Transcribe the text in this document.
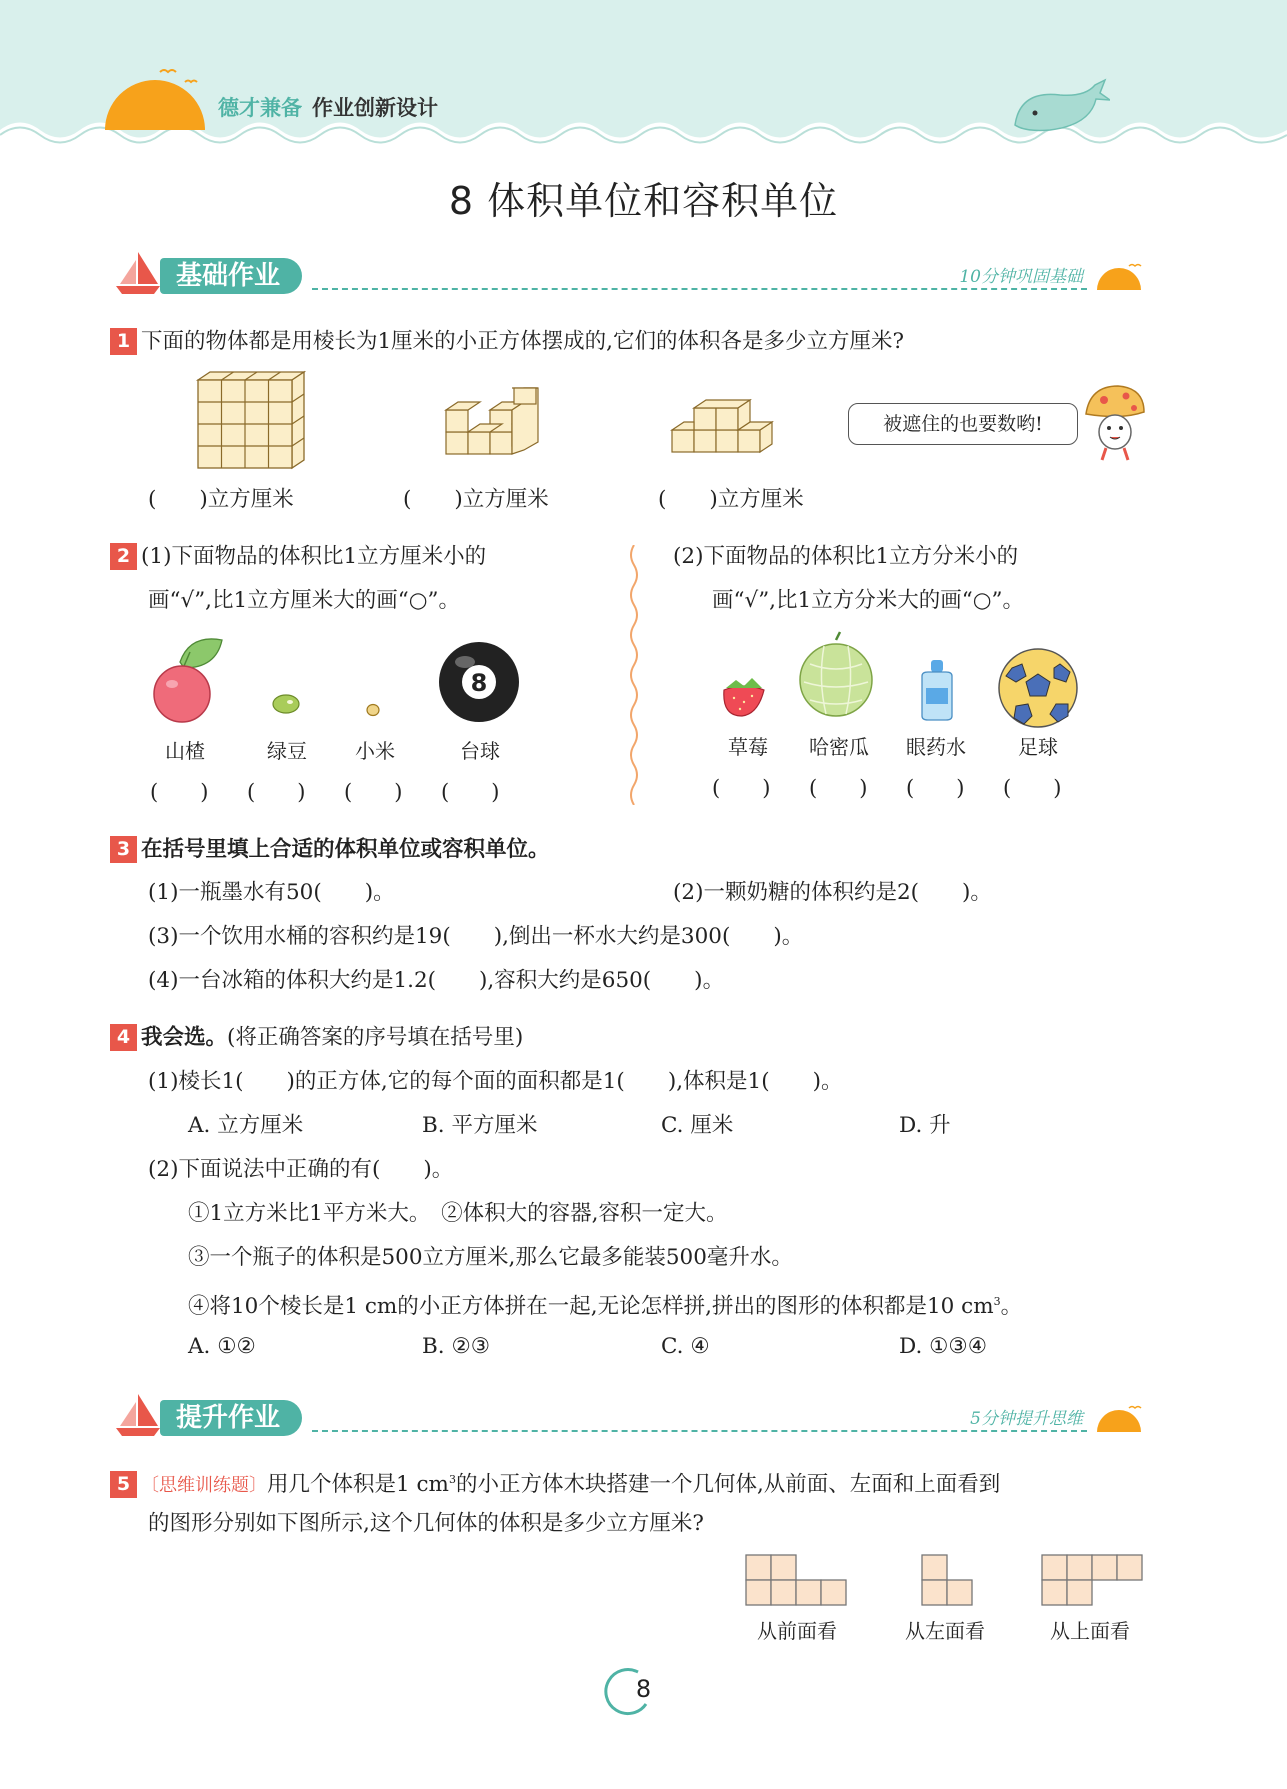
德才兼备 作业创新设计
8 体积单位和容积单位
基础作业	10分钟巩固基础
1 下面的物体都是用棱长为1厘米的小正方体摆成的,它们的体积各是多少立方厘米?
被遮住的也要数哟!
(　　)立方厘米	(　　)立方厘米	(　　)立方厘米
2 (1)下面物品的体积比1立方厘米小的
画“√”,比1立方厘米大的画“○”。
(2)下面物品的体积比1立方分米小的
画“√”,比1立方分米大的画“○”。
8
山楂	绿豆	小米	台球
(　　) (　　) (　　) (　　)
草莓	哈密瓜	眼药水	足球
(　　) (　　) (　　) (　　)
3 在括号里填上合适的体积单位或容积单位。
(1)一瓶墨水有50(　　)。	(2)一颗奶糖的体积约是2(　　)。
(3)一个饮用水桶的容积约是19(　　),倒出一杯水大约是300(　　)。
(4)一台冰箱的体积大约是1.2(　　),容积大约是650(　　)。
4 我会选。(将正确答案的序号填在括号里)
(1)棱长1(　　)的正方体,它的每个面的面积都是1(　　),体积是1(　　)。
A. 立方厘米	B. 平方厘米	C. 厘米	D. 升
(2)下面说法中正确的有(　　)。
①1立方米比1平方米大。　②体积大的容器,容积一定大。
③一个瓶子的体积是500立方厘米,那么它最多能装500毫升水。
④将10个棱长是1 cm的小正方体拼在一起,无论怎样拼,拼出的图形的体积都是10 $cm^3$。
A. ①②	B. ②③	C. ④	D. ①③④
提升作业	5分钟提升思维
5 〔思维训练题〕用几个体积是1 $cm^3$的小正方体木块搭建一个几何体,从前面、左面和上面看到
的图形分别如下图所示,这个几何体的体积是多少立方厘米?
从前面看	从左面看	从上面看
8
